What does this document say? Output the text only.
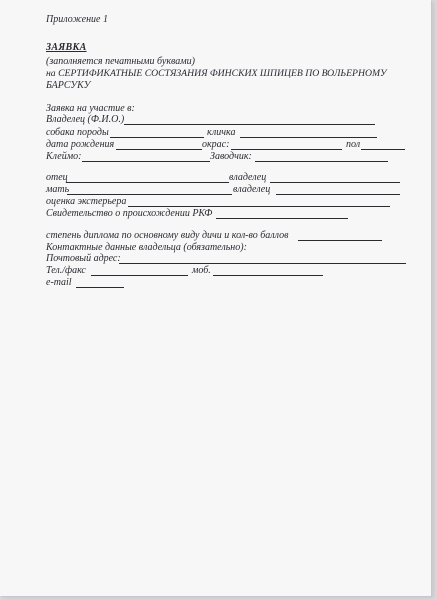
Приложение 1
ЗАЯВКА
(заполняется печатными буквами)
на СЕРТИФИКАТНЫЕ СОСТЯЗАНИЯ ФИНСКИХ ШПИЦЕВ ПО ВОЛЬЕРНОМУ
БАРСУКУ
Заявка на участие в:
Владелец (Ф.И.О.)
собака породы	кличка
дата рождения	окрас:	пол
Клеймо:	Заводчик:
отец	владелец
мать	владелец
оценка экстерьера
Свидетельство о происхождении РКФ
степень диплома по основному виду дичи и кол-во баллов
Контактные данные владельца (обязательно):
Почтовый адрес:
Тел./факс	моб.
e-mail
